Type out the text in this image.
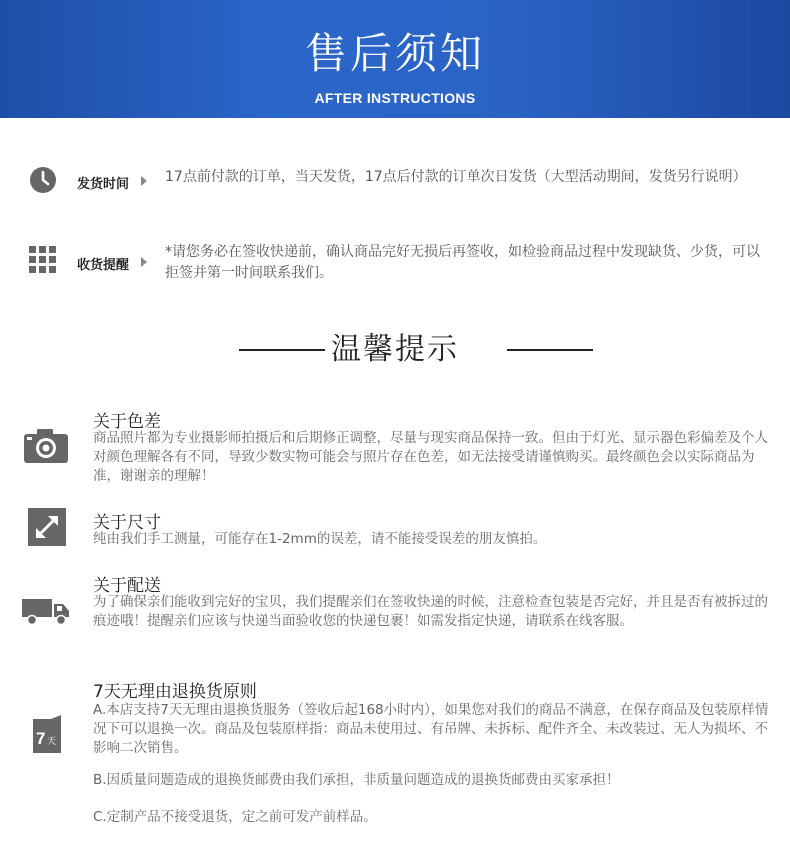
售后须知
AFTER INSTRUCTIONS
发货时间	17点前付款的订单，当天发货，17点后付款的订单次日发货（大型活动期间，发货另行说明）
收货提醒
*请您务必在签收快递前，确认商品完好无损后再签收，如检验商品过程中发现缺货、少货，可以拒签并第一时间联系我们。
温馨提示
关于色差
商品照片都为专业摄影师拍摄后和后期修正调整，尽量与现实商品保持一致。但由于灯光、显示器色彩偏差及个人对颜色理解各有不同，导致少数实物可能会与照片存在色差，如无法接受请谨慎购买。最终颜色会以实际商品为准，谢谢亲的理解！
关于尺寸
纯由我们手工测量，可能存在1-2mm的误差，请不能接受误差的朋友慎拍。
关于配送
为了确保亲们能收到完好的宝贝，我们提醒亲们在签收快递的时候，注意检查包装是否完好，并且是否有被拆过的痕迹哦！提醒亲们应该与快递当面验收您的快递包裹！如需发指定快递，请联系在线客服。
7 天
7天无理由退换货原则
A.本店支持7天无理由退换货服务（签收后起168小时内），如果您对我们的商品不满意，在保存商品及包装原样情况下可以退换一次。商品及包装原样指：商品未使用过、有吊牌、未拆标、配件齐全、未改装过、无人为损坏、不影响二次销售。
B.因质量问题造成的退换货邮费由我们承担，非质量问题造成的退换货邮费由买家承担！
C.定制产品不接受退货，定之前可发产前样品。
